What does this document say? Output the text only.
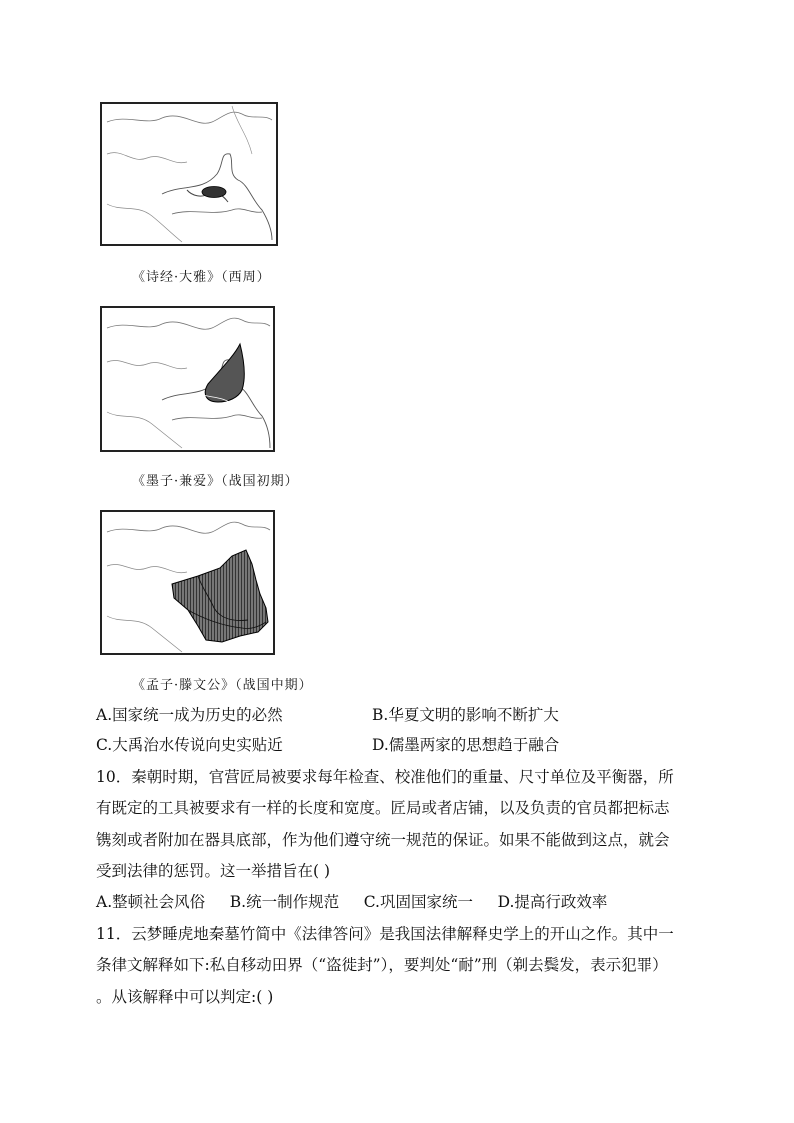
《诗经·大雅》（西周）
《墨子·兼爱》（战国初期）
《孟子·滕文公》（战国中期）
A.国家统一成为历史的必然	B.华夏文明的影响不断扩大
C.大禹治水传说向史实贴近	D.儒墨两家的思想趋于融合
10．秦朝时期，官营匠局被要求每年检查、校准他们的重量、尺寸单位及平衡器，所
有既定的工具被要求有一样的长度和宽度。匠局或者店铺，以及负责的官员都把标志
镌刻或者附加在器具底部，作为他们遵守统一规范的保证。如果不能做到这点，就会
受到法律的惩罚。这一举措旨在( )
A.整顿社会风俗     B.统一制作规范     C.巩固国家统一     D.提高行政效率
11．云梦睡虎地秦墓竹简中《法律答问》是我国法律解释史学上的开山之作。其中一
条律文解释如下:私自移动田界（“盗徙封”），要判处“耐”刑（剃去鬓发，表示犯罪）
。从该解释中可以判定:( )
